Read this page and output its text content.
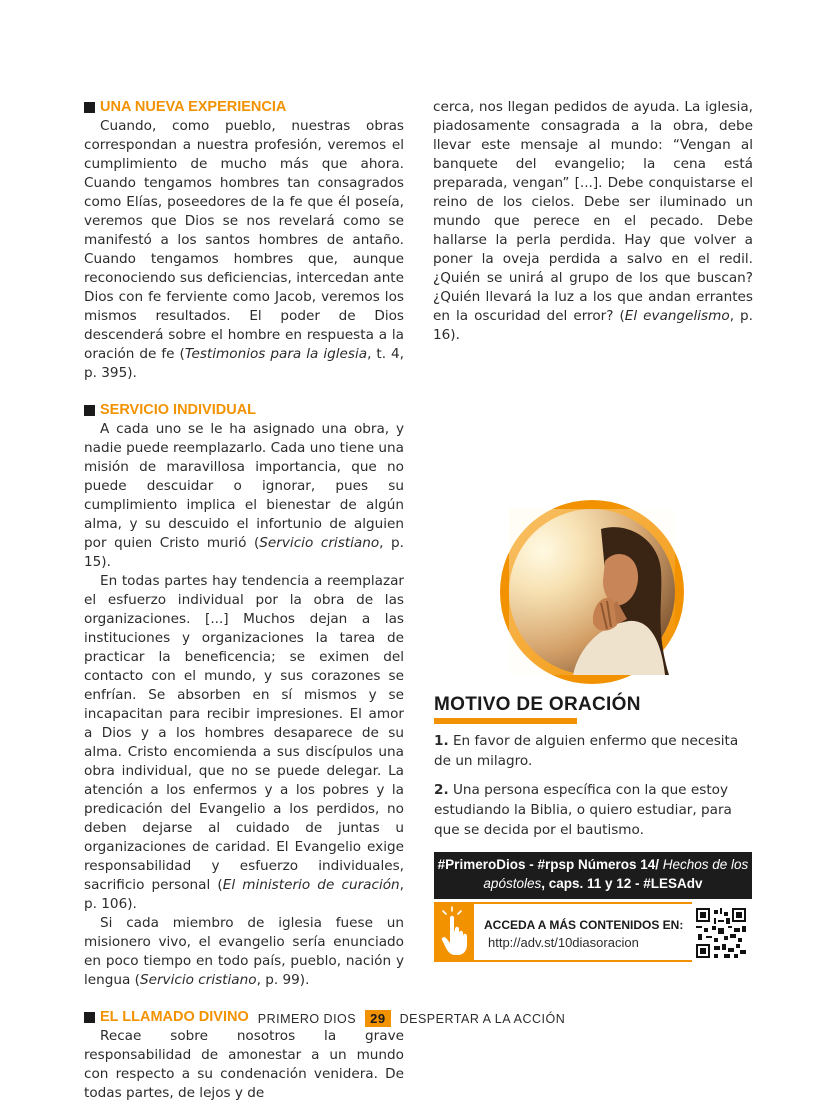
UNA NUEVA EXPERIENCIA

Cuando, como pueblo, nuestras obras correspondan a nuestra profesión, veremos el cumplimiento de mucho más que ahora. Cuando tengamos hombres tan consagrados como Elías, poseedores de la fe que él poseía, veremos que Dios se nos revelará como se manifestó a los santos hombres de antaño. Cuando tengamos hombres que, aunque reconociendo sus deficiencias, intercedan ante Dios con fe ferviente como Jacob, veremos los mismos resultados. El poder de Dios descenderá sobre el hombre en respuesta a la oración de fe (Testimonios para la iglesia, t. 4, p. 395).

SERVICIO INDIVIDUAL

A cada uno se le ha asignado una obra, y nadie puede reemplazarlo. Cada uno tiene una misión de maravillosa importancia, que no puede descuidar o ignorar, pues su cumplimiento implica el bienestar de algún alma, y su descuido el infortunio de alguien por quien Cristo murió (Servicio cristiano, p. 15).

En todas partes hay tendencia a reemplazar el esfuerzo individual por la obra de las organizaciones. [...] Muchos dejan a las instituciones y organizaciones la tarea de practicar la beneficencia; se eximen del contacto con el mundo, y sus corazones se enfrían. Se absorben en sí mismos y se incapacitan para recibir impresiones. El amor a Dios y a los hombres desaparece de su alma. Cristo encomienda a sus discípulos una obra individual, que no se puede delegar. La atención a los enfermos y a los pobres y la predicación del Evangelio a los perdidos, no deben dejarse al cuidado de juntas u organizaciones de caridad. El Evangelio exige responsabilidad y esfuerzo individuales, sacrificio personal (El ministerio de curación, p. 106).

Si cada miembro de iglesia fuese un misionero vivo, el evangelio sería enunciado en poco tiempo en todo país, pueblo, nación y lengua (Servicio cristiano, p. 99).

EL LLAMADO DIVINO

Recae sobre nosotros la grave responsabilidad de amonestar a un mundo con respecto a su condenación venidera. De todas partes, de lejos y de

cerca, nos llegan pedidos de ayuda. La iglesia, piadosamente consagrada a la obra, debe llevar este mensaje al mundo: “Vengan al banquete del evangelio; la cena está preparada, vengan” [...]. Debe conquistarse el reino de los cielos. Debe ser iluminado un mundo que perece en el pecado. Debe hallarse la perla perdida. Hay que volver a poner la oveja perdida a salvo en el redil. ¿Quién se unirá al grupo de los que buscan? ¿Quién llevará la luz a los que andan errantes en la oscuridad del error? (El evangelismo, p. 16).

MOTIVO DE ORACIÓN

1. En favor de alguien enfermo que necesita de un milagro.

2. Una persona específica con la que estoy estudiando la Biblia, o quiero estudiar, para que se decida por el bautismo.

#PrimeroDios - #rpsp Números 14/ Hechos de los apóstoles, caps. 11 y 12 - #LESAdv
ACCEDA A MÁS CONTENIDOS EN:
http://adv.st/10diasoracion
PRIMERO DIOS	29	DESPERTAR A LA ACCIÓN
